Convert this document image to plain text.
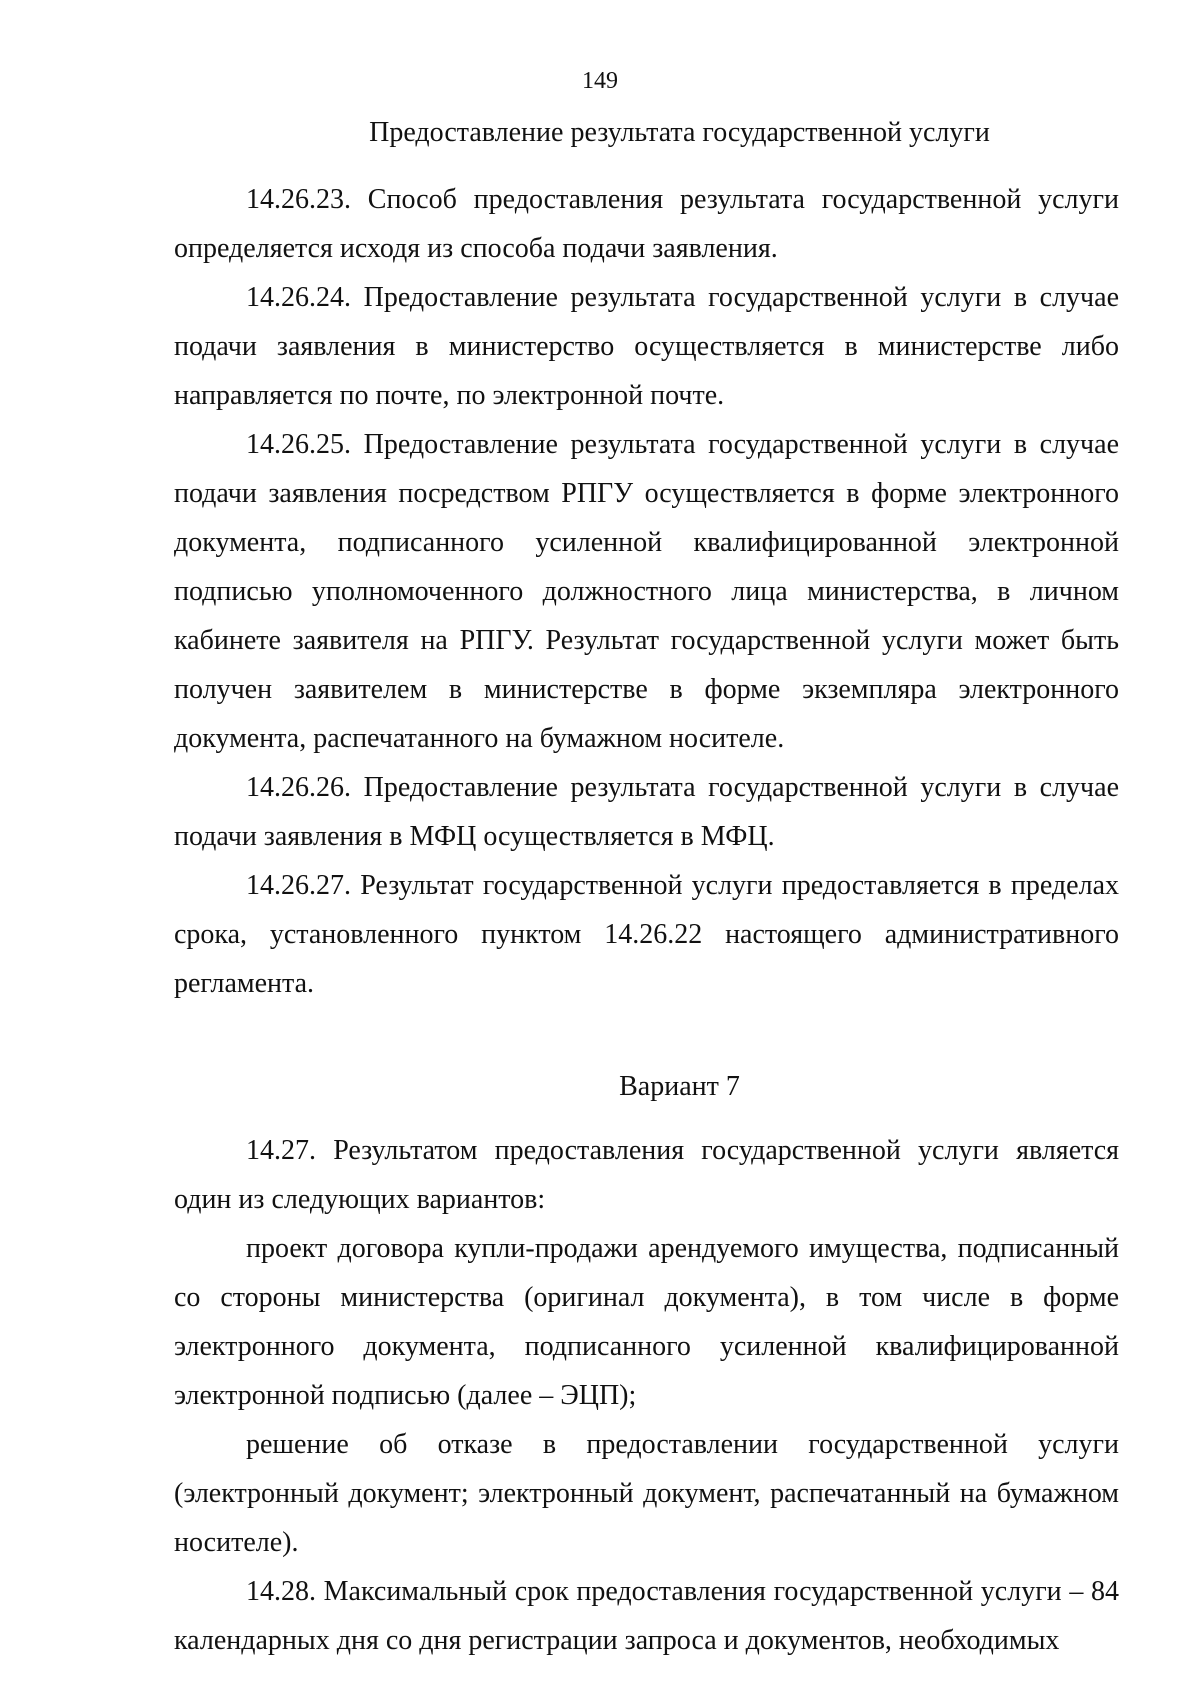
149
Предоставление результата государственной услуги

14.26.23. Способ предоставления результата государственной услуги определяется исходя из способа подачи заявления.

14.26.24. Предоставление результата государственной услуги в случае подачи заявления в министерство осуществляется в министерстве либо направляется по почте, по электронной почте.

14.26.25. Предоставление результата государственной услуги в случае подачи заявления посредством РПГУ осуществляется в форме электронного документа, подписанного усиленной квалифицированной электронной подписью уполномоченного должностного лица министерства, в личном кабинете заявителя на РПГУ. Результат государственной услуги может быть получен заявителем в министерстве в форме экземпляра электронного документа, распечатанного на бумажном носителе.

14.26.26. Предоставление результата государственной услуги в случае подачи заявления в МФЦ осуществляется в МФЦ.

14.26.27. Результат государственной услуги предоставляется в пределах срока, установленного пунктом 14.26.22 настоящего административного регламента.

Вариант 7

14.27. Результатом предоставления государственной услуги является один из следующих вариантов:

проект договора купли-продажи арендуемого имущества, подписанный со стороны министерства (оригинал документа), в том числе в форме электронного документа, подписанного усиленной квалифицированной электронной подписью (далее – ЭЦП);

решение об отказе в предоставлении государственной услуги (электронный документ; электронный документ, распечатанный на бумажном носителе).

14.28. Максимальный срок предоставления государственной услуги – 84 календарных дня со дня регистрации запроса и документов, необходимых
